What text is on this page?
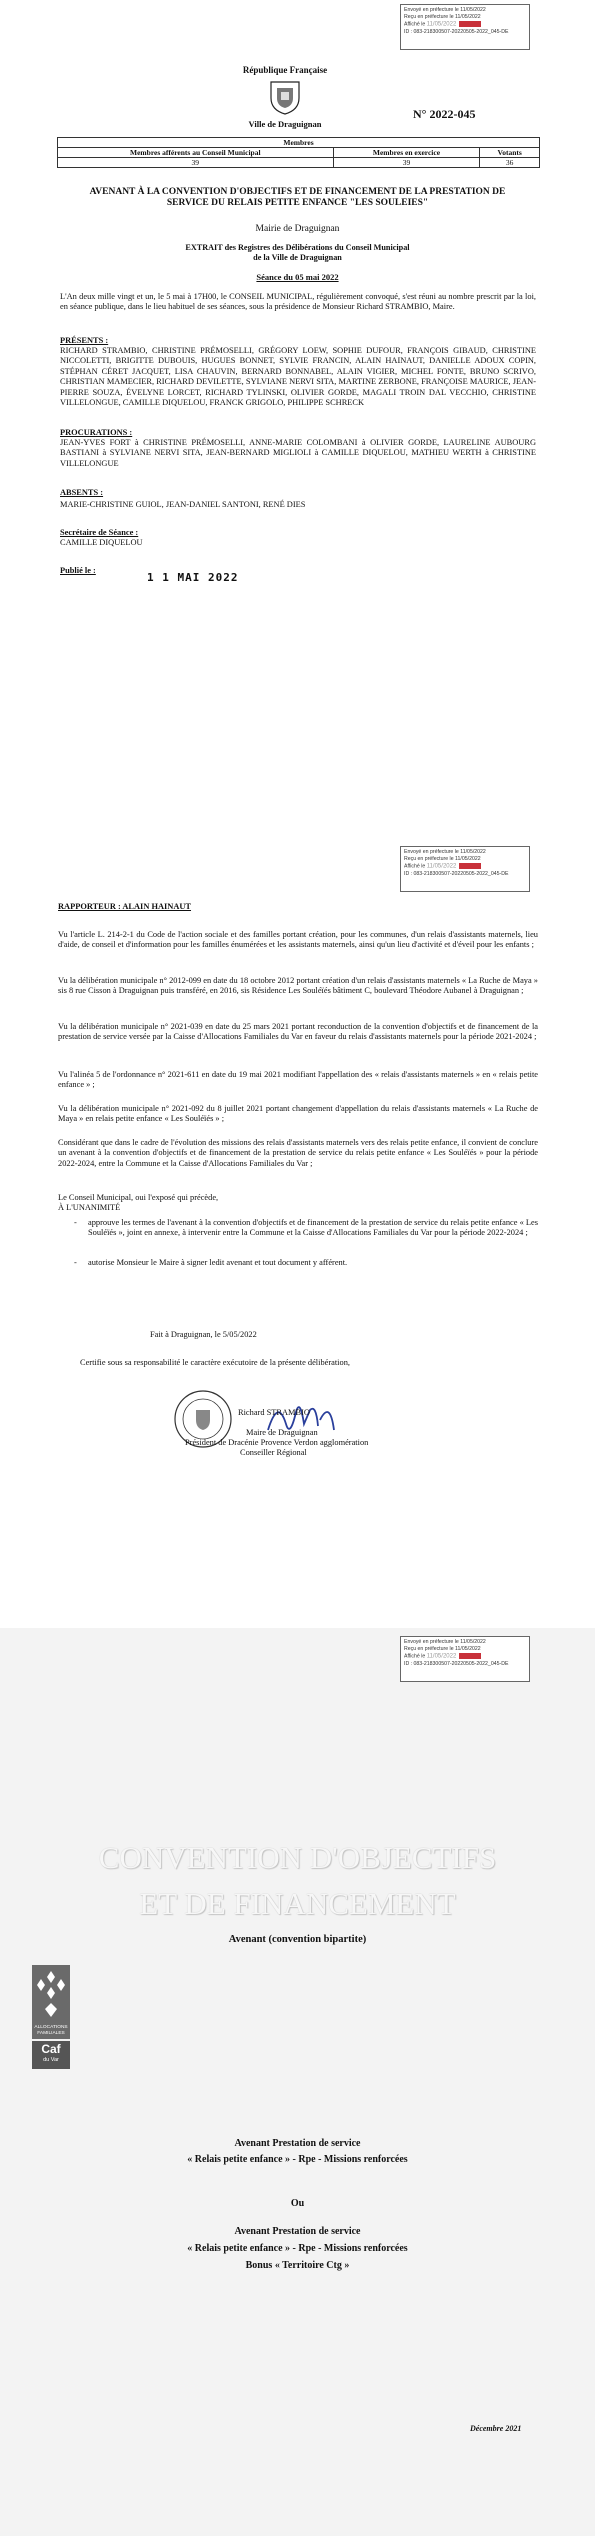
Envoyé en préfecture le 11/05/2022
Reçu en préfecture le 11/05/2022
Affiché le 11/05/2022
ID : 083-218300507-20220505-2022_045-DE
République Française
Ville de Draguignan
N° 2022-045
Membres		
Membres afférents au Conseil Municipal	Membres en exercice	Votants
39	39	36
AVENANT À LA CONVENTION D'OBJECTIFS ET DE FINANCEMENT DE LA PRESTATION DE SERVICE DU RELAIS PETITE ENFANCE "LES SOULEIES"
Mairie de Draguignan
EXTRAIT des Registres des Délibérations du Conseil Municipal
de la Ville de Draguignan
Séance du 05 mai 2022
L'An deux mille vingt et un, le 5 mai à 17H00, le CONSEIL MUNICIPAL, régulièrement convoqué, s'est réuni au nombre prescrit par la loi, en séance publique, dans le lieu habituel de ses séances, sous la présidence de Monsieur Richard STRAMBIO, Maire.
PRÉSENTS :
RICHARD STRAMBIO, CHRISTINE PRÉMOSELLI, GRÉGORY LOEW, SOPHIE DUFOUR, FRANÇOIS GIBAUD, CHRISTINE NICCOLETTI, BRIGITTE DUBOUIS, HUGUES BONNET, SYLVIE FRANCIN, ALAIN HAINAUT, DANIELLE ADOUX COPIN, STÉPHAN CÉRET JACQUET, LISA CHAUVIN, BERNARD BONNABEL, ALAIN VIGIER, MICHEL FONTE, BRUNO SCRIVO, CHRISTIAN MAMECIER, RICHARD DEVILETTE, SYLVIANE NERVI SITA, MARTINE ZERBONE, FRANÇOISE MAURICE, JEAN-PIERRE SOUZA, ÉVELYNE LORCET, RICHARD TYLINSKI, OLIVIER GORDE, MAGALI TROIN DAL VECCHIO, CHRISTINE VILLELONGUE, CAMILLE DIQUELOU, FRANCK GRIGOLO, PHILIPPE SCHRECK
PROCURATIONS :
JEAN-YVES FORT à CHRISTINE PRÉMOSELLI, ANNE-MARIE COLOMBANI à OLIVIER GORDE, LAURELINE AUBOURG BASTIANI à SYLVIANE NERVI SITA, JEAN-BERNARD MIGLIOLI à CAMILLE DIQUELOU, MATHIEU WERTH à CHRISTINE VILLELONGUE
ABSENTS :
MARIE-CHRISTINE GUIOL, JEAN-DANIEL SANTONI, RENÉ DIES
Secrétaire de Séance :
CAMILLE DIQUELOU
Publié le :
1 1 MAI 2022
Envoyé en préfecture le 11/05/2022
Reçu en préfecture le 11/05/2022
Affiché le 11/05/2022
ID : 083-218300507-20220505-2022_045-DE
RAPPORTEUR : ALAIN HAINAUT
Vu l'article L. 214-2-1 du Code de l'action sociale et des familles portant création, pour les communes, d'un relais d'assistants maternels, lieu d'aide, de conseil et d'information pour les familles énumérées et les assistants maternels, ainsi qu'un lieu d'activité et d'éveil pour les enfants ;
Vu la délibération municipale n° 2012-099 en date du 18 octobre 2012 portant création d'un relais d'assistants maternels « La Ruche de Maya » sis 8 rue Cisson à Draguignan puis transféré, en 2016, sis Résidence Les Souléïés bâtiment C, boulevard Théodore Aubanel à Draguignan ;
Vu la délibération municipale n° 2021-039 en date du 25 mars 2021 portant reconduction de la convention d'objectifs et de financement de la prestation de service versée par la Caisse d'Allocations Familiales du Var en faveur du relais d'assistants maternels pour la période 2021-2024 ;
Vu l'alinéa 5 de l'ordonnance n° 2021-611 en date du 19 mai 2021 modifiant l'appellation des « relais d'assistants maternels » en « relais petite enfance » ;
Vu la délibération municipale n° 2021-092 du 8 juillet 2021 portant changement d'appellation du relais d'assistants maternels « La Ruche de Maya » en relais petite enfance « Les Souléïés » ;
Considérant que dans le cadre de l'évolution des missions des relais d'assistants maternels vers des relais petite enfance, il convient de conclure un avenant à la convention d'objectifs et de financement de la prestation de service du relais petite enfance « Les Souléïés » pour la période 2022-2024, entre la Commune et la Caisse d'Allocations Familiales du Var ;
Le Conseil Municipal, oui l'exposé qui précède,
À L'UNANIMITÉ
-	approuve les termes de l'avenant à la convention d'objectifs et de financement de la prestation de service du relais petite enfance « Les Souléïés », joint en annexe, à intervenir entre la Commune et la Caisse d'Allocations Familiales du Var pour la période 2022-2024 ;
-	autorise Monsieur le Maire à signer ledit avenant et tout document y afférent.
Fait à Draguignan, le 5/05/2022
Certifie sous sa responsabilité le caractère exécutoire de la présente délibération,
Richard STRAMBIO
Maire de Draguignan
Président de Dracénie Provence Verdon agglomération
Conseiller Régional
Envoyé en préfecture le 11/05/2022
Reçu en préfecture le 11/05/2022
Affiché le 11/05/2022
ID : 083-218300507-20220505-2022_045-DE
CONVENTION D'OBJECTIFS
ET DE FINANCEMENT
Avenant (convention bipartite)
ALLOCATIONS
FAMILIALES
Caf
du Var
Avenant Prestation de service
« Relais petite enfance » - Rpe - Missions renforcées
Ou
Avenant Prestation de service
« Relais petite enfance » - Rpe - Missions renforcées
Bonus « Territoire Ctg »
Décembre 2021
